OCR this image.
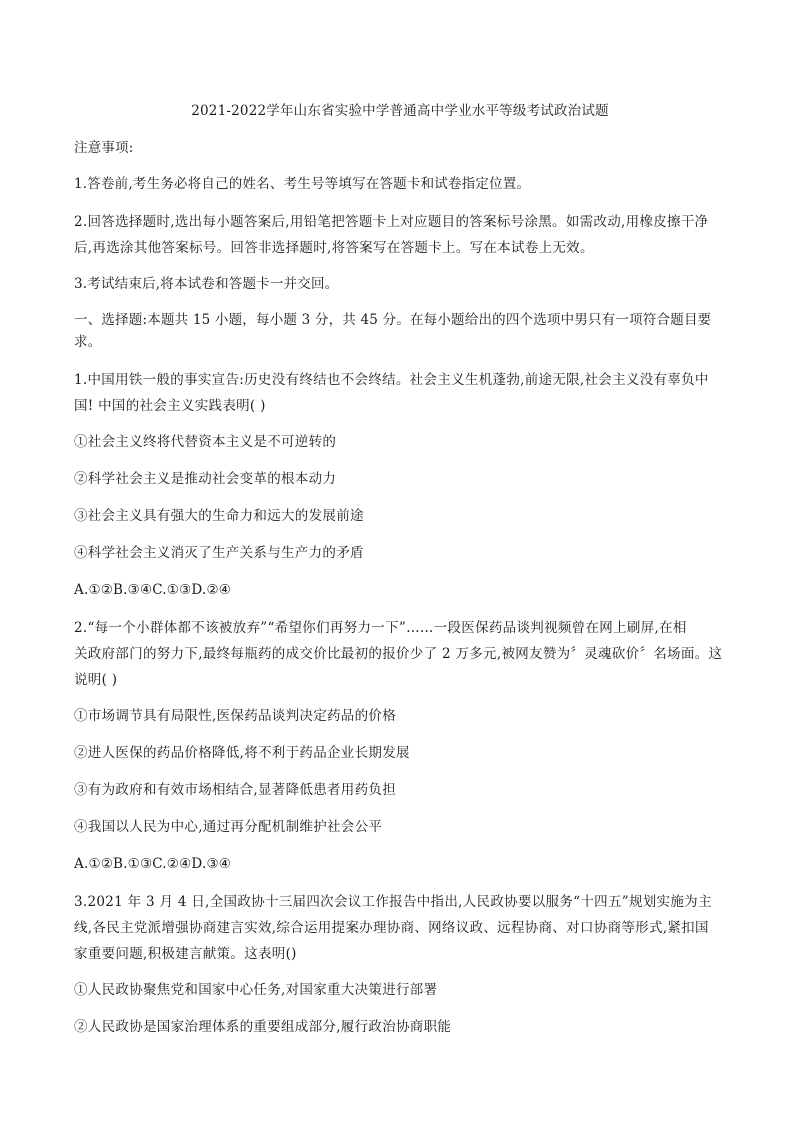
2021-2022学年山东省实验中学普通高中学业水平等级考试政治试题
注意事项:
1.答卷前,考生务必将自己的姓名、考生号等填写在答题卡和试卷指定位置。
2.回答选择题时,选出每小题答案后,用铅笔把答题卡上对应题目的答案标号涂黑。如需改动,用橡皮擦干净
后,再选涂其他答案标号。回答非选择题时,将答案写在答题卡上。写在本试卷上无效。
3.考试结束后,将本试卷和答题卡一并交回。
一、选择题:本题共 15 小题，每小题 3 分，共 45 分。在每小题给出的四个选项中男只有一项符合题目要求。
1.中国用铁一般的事实宣告:历史没有终结也不会终结。社会主义生机蓬勃,前途无限,社会主义没有辜负中
国! 中国的社会主义实践表明( )
①社会主义终将代替资本主义是不可逆转的
②科学社会主义是推动社会变革的根本动力
③社会主义具有强大的生命力和远大的发展前途
④科学社会主义消灭了生产关系与生产力的矛盾
A.①②B.③④C.①③D.②④
2.“每一个小群体都不该被放弃”“希望你们再努力一下”……一段医保药品谈判视频曾在网上刷屏,在相
关政府部门的努力下,最终每瓶药的成交价比最初的报价少了 2 万多元,被网友赞为〞灵魂砍价〞名场面。这
说明( )
①市场调节具有局限性,医保药品谈判决定药品的价格
②进人医保的药品价格降低,将不利于药品企业长期发展
③有为政府和有效市场相结合,显著降低患者用药负担
④我国以人民为中心,通过再分配机制维护社会公平
A.①②B.①③C.②④D.③④
3.2021 年 3 月 4 日,全国政协十三届四次会议工作报告中指出,人民政协要以服务“十四五”规划实施为主
线,各民主党派增强协商建言实效,综合运用提案办理协商、网络议政、远程协商、对口协商等形式,紧扣国
家重要问题,积极建言献策。这表明()
①人民政协聚焦党和国家中心任务,对国家重大决策进行部署
②人民政协是国家治理体系的重要组成部分,履行政治协商职能
